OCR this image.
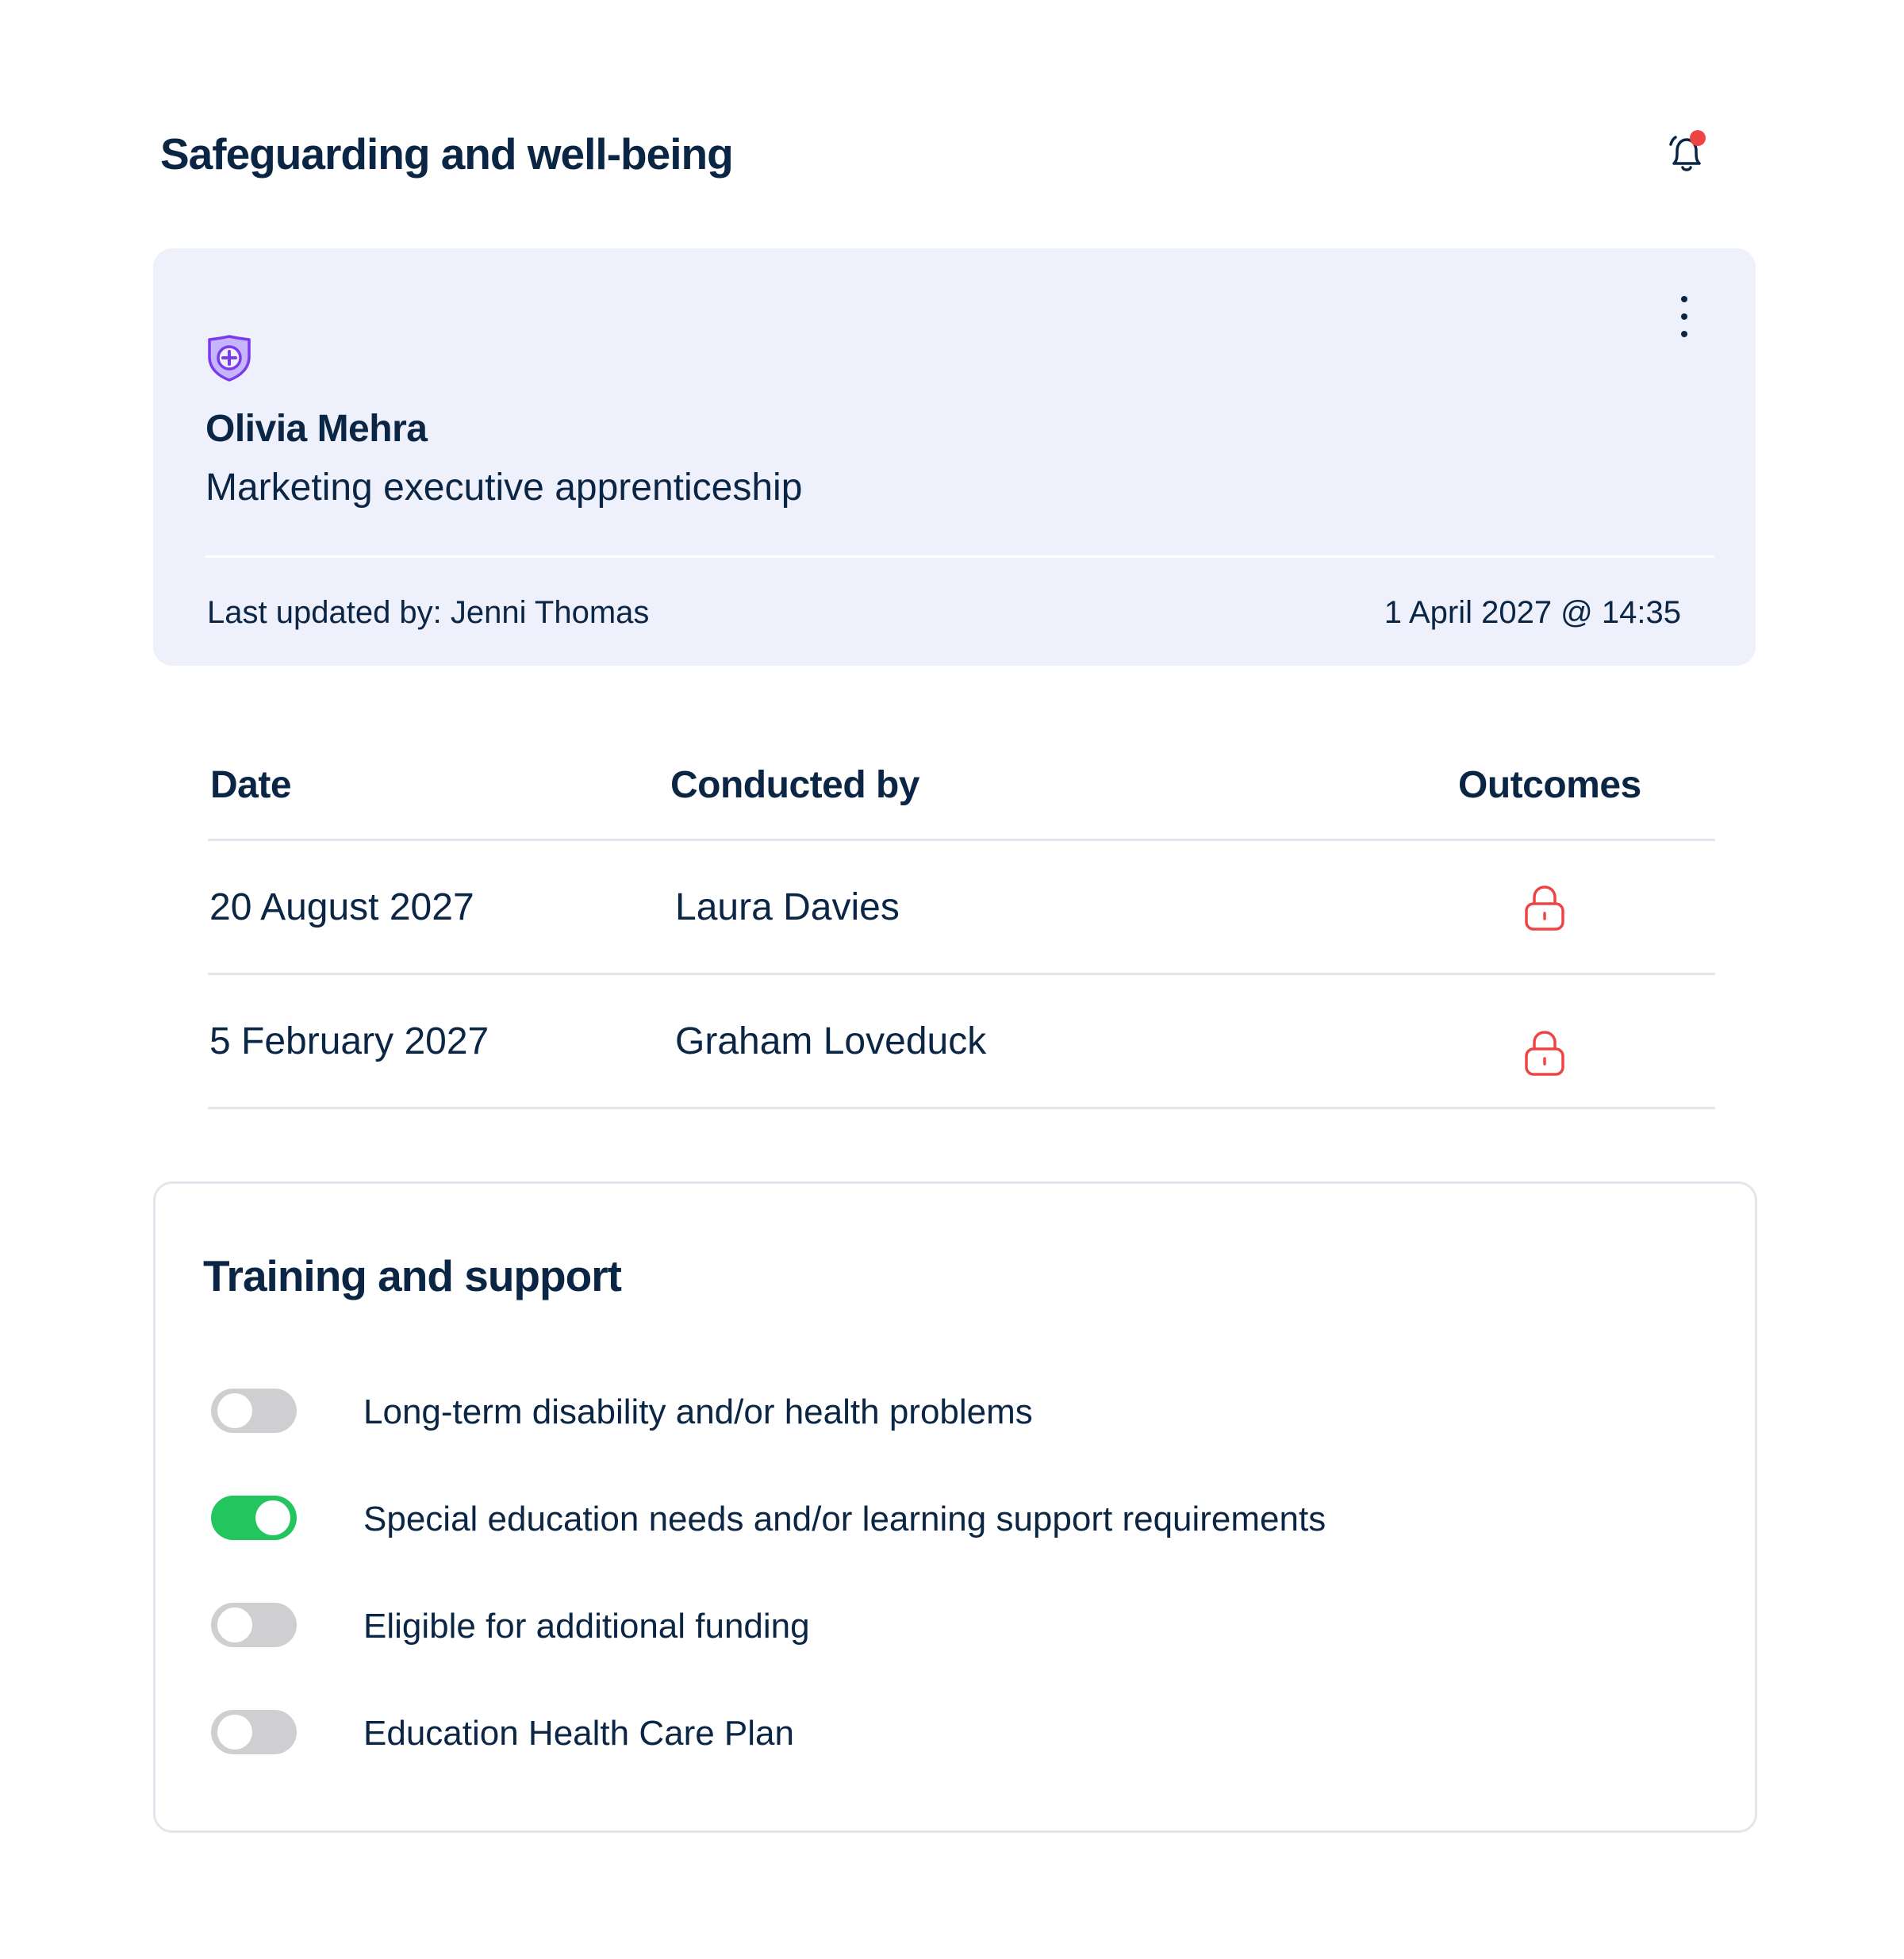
Safeguarding and well-being
Olivia Mehra
Marketing executive apprenticeship
Last updated by: Jenni Thomas	1 April 2027 @ 14:35
Date	Conducted by	Outcomes
20 August 2027	Laura Davies
5 February 2027	Graham Loveduck
Training and support
Long-term disability and/or health problems
Special education needs and/or learning support requirements
Eligible for additional funding
Education Health Care Plan
